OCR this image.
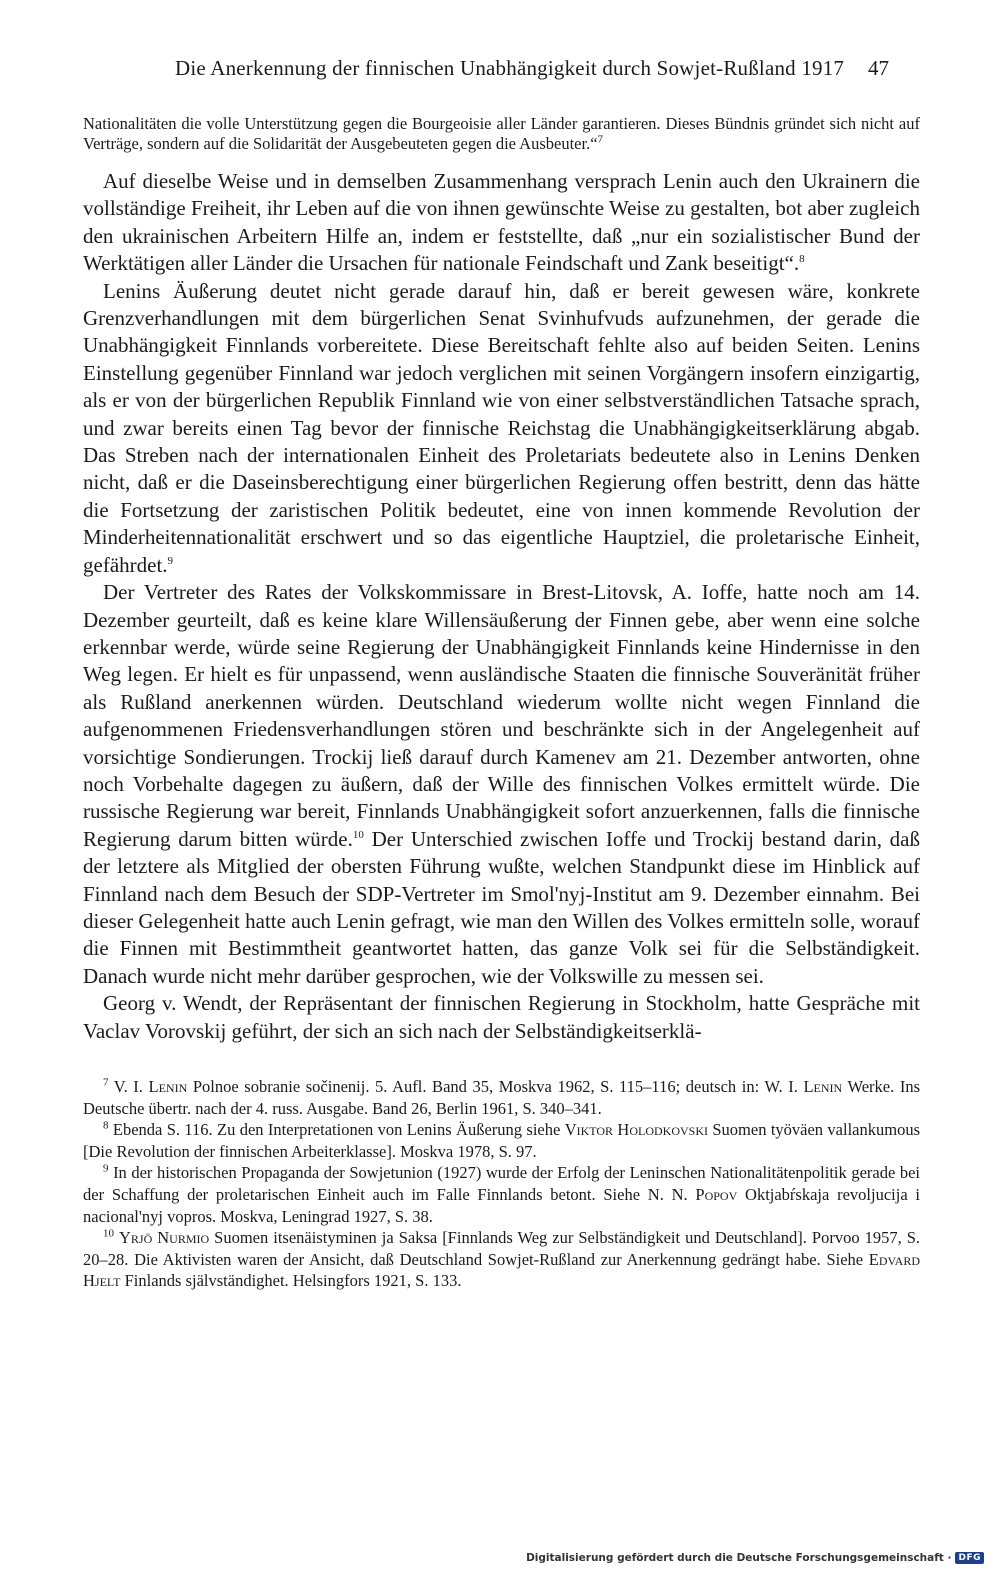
Die Anerkennung der finnischen Unabhängigkeit durch Sowjet-Rußland 1917 47

Nationalitäten die volle Unterstützung gegen die Bourgeoisie aller Länder garantieren. Dieses Bündnis gründet sich nicht auf Verträge, sondern auf die Solidarität der Ausgebeuteten gegen die Ausbeuter.“$^7$

Auf dieselbe Weise und in demselben Zusammenhang versprach Lenin auch den Ukrainern die vollständige Freiheit, ihr Leben auf die von ihnen gewünschte Weise zu gestalten, bot aber zugleich den ukrainischen Arbeitern Hilfe an, indem er feststellte, daß „nur ein sozialistischer Bund der Werktätigen aller Länder die Ursachen für nationale Feindschaft und Zank beseitigt“.$^8$

Lenins Äußerung deutet nicht gerade darauf hin, daß er bereit gewesen wäre, konkrete Grenzverhandlungen mit dem bürgerlichen Senat Svinhufvuds aufzunehmen, der gerade die Unabhängigkeit Finnlands vorbereitete. Diese Bereitschaft fehlte also auf beiden Seiten. Lenins Einstellung gegenüber Finnland war jedoch verglichen mit seinen Vorgängern insofern einzigartig, als er von der bürgerlichen Republik Finnland wie von einer selbstverständlichen Tatsache sprach, und zwar bereits einen Tag bevor der finnische Reichstag die Unabhängigkeitserklärung abgab. Das Streben nach der internationalen Einheit des Proletariats bedeutete also in Lenins Denken nicht, daß er die Daseinsberechtigung einer bürgerlichen Regierung offen bestritt, denn das hätte die Fortsetzung der zaristischen Politik bedeutet, eine von innen kommende Revolution der Minderheitennationalität erschwert und so das eigentliche Hauptziel, die proletarische Einheit, gefährdet.$^9$

Der Vertreter des Rates der Volkskommissare in Brest-Litovsk, A. Ioffe, hatte noch am 14. Dezember geurteilt, daß es keine klare Willensäußerung der Finnen gebe, aber wenn eine solche erkennbar werde, würde seine Regierung der Unabhängigkeit Finnlands keine Hindernisse in den Weg legen. Er hielt es für unpassend, wenn ausländische Staaten die finnische Souveränität früher als Rußland anerkennen würden. Deutschland wiederum wollte nicht wegen Finnland die aufgenommenen Friedensverhandlungen stören und beschränkte sich in der Angelegenheit auf vorsichtige Sondierungen. Trockij ließ darauf durch Kamenev am 21. Dezember antworten, ohne noch Vorbehalte dagegen zu äußern, daß der Wille des finnischen Volkes ermittelt würde. Die russische Regierung war bereit, Finnlands Unabhängigkeit sofort anzuerkennen, falls die finnische Regierung darum bitten würde.$^{10}$ Der Unterschied zwischen Ioffe und Trockij bestand darin, daß der letztere als Mitglied der obersten Führung wußte, welchen Standpunkt diese im Hinblick auf Finnland nach dem Besuch der SDP-Vertreter im Smol'nyj-Institut am 9. Dezember einnahm. Bei dieser Gelegenheit hatte auch Lenin gefragt, wie man den Willen des Volkes ermitteln solle, worauf die Finnen mit Bestimmtheit geantwortet hatten, das ganze Volk sei für die Selbständigkeit. Danach wurde nicht mehr darüber gesprochen, wie der Volkswille zu messen sei.

Georg v. Wendt, der Repräsentant der finnischen Regierung in Stockholm, hatte Gespräche mit Vaclav Vorovskij geführt, der sich an sich nach der Selbständigkeitserklä-

$^7$ V. I. Lenin Polnoe sobranie sočinenij. 5. Aufl. Band 35, Moskva 1962, S. 115–116; deutsch in: W. I. Lenin Werke. Ins Deutsche übertr. nach der 4. russ. Ausgabe. Band 26, Berlin 1961, S. 340–341.

$^8$ Ebenda S. 116. Zu den Interpretationen von Lenins Äußerung siehe Viktor Holodkovski Suomen työväen vallankumous [Die Revolution der finnischen Arbeiterklasse]. Moskva 1978, S. 97.

$^9$ In der historischen Propaganda der Sowjetunion (1927) wurde der Erfolg der Leninschen Nationalitätenpolitik gerade bei der Schaffung der proletarischen Einheit auch im Falle Finnlands betont. Siehe N. N. Popov Oktjabŕskaja revoljucija i nacional'nyj vopros. Moskva, Leningrad 1927, S. 38.

$^{10}$ Yrjö Nurmio Suomen itsenäistyminen ja Saksa [Finnlands Weg zur Selbständigkeit und Deutschland]. Porvoo 1957, S. 20–28. Die Aktivisten waren der Ansicht, daß Deutschland Sowjet-Rußland zur Anerkennung gedrängt habe. Siehe Edvard Hjelt Finlands självständighet. Helsingfors 1921, S. 133.

Digitalisierung gefördert durch die Deutsche Forschungsgemeinschaft · DFG
